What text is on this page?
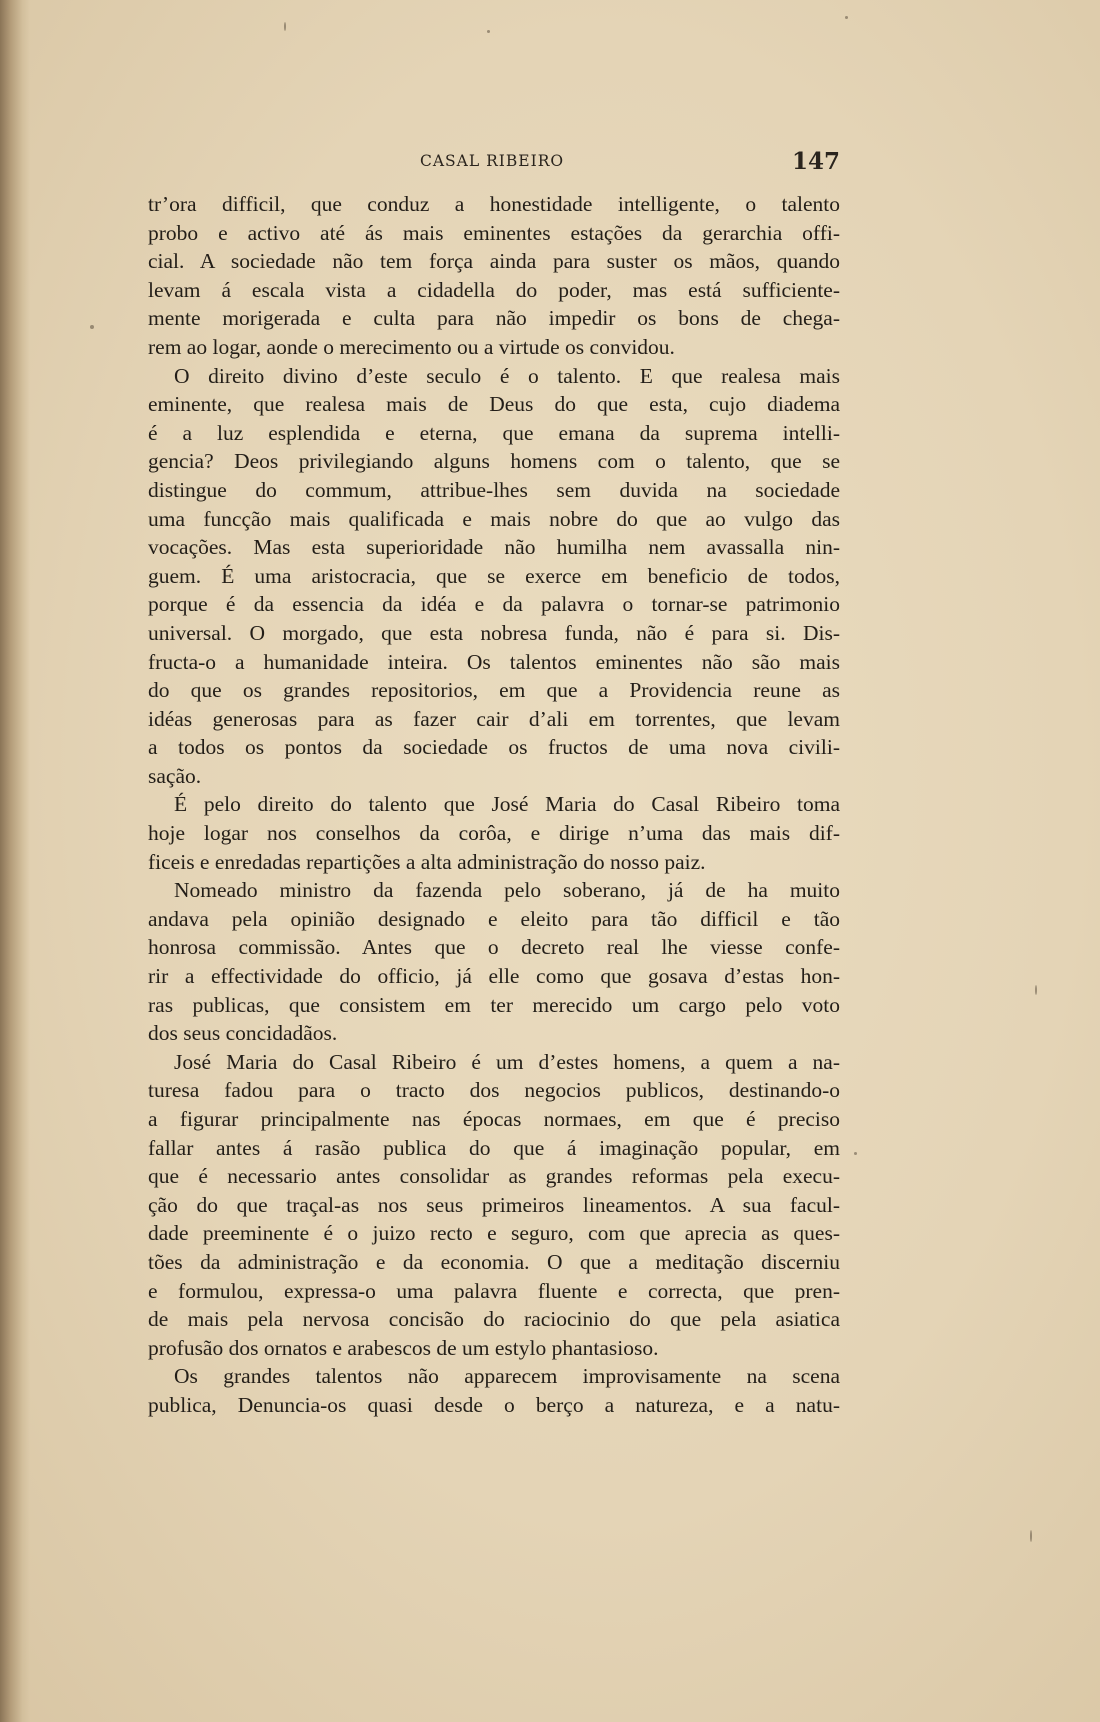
CASAL RIBEIRO	147
tr’ora difficil, que conduz a honestidade intelligente, o talento
probo e activo até ás mais eminentes estações da gerarchia offi-
cial. A sociedade não tem força ainda para suster os mãos, quando
levam á escala vista a cidadella do poder, mas está sufficiente-
mente morigerada e culta para não impedir os bons de chega-
rem ao logar, aonde o merecimento ou a virtude os convidou.
O direito divino d’este seculo é o talento. E que realesa mais
eminente, que realesa mais de Deus do que esta, cujo diadema
é a luz esplendida e eterna, que emana da suprema intelli-
gencia? Deos privilegiando alguns homens com o talento, que se
distingue do commum, attribue-lhes sem duvida na sociedade
uma funcção mais qualificada e mais nobre do que ao vulgo das
vocações. Mas esta superioridade não humilha nem avassalla nin-
guem. É uma aristocracia, que se exerce em beneficio de todos,
porque é da essencia da idéa e da palavra o tornar-se patrimonio
universal. O morgado, que esta nobresa funda, não é para si. Dis-
fructa-o a humanidade inteira. Os talentos eminentes não são mais
do que os grandes repositorios, em que a Providencia reune as
idéas generosas para as fazer cair d’ali em torrentes, que levam
a todos os pontos da sociedade os fructos de uma nova civili-
sação.
É pelo direito do talento que José Maria do Casal Ribeiro toma
hoje logar nos conselhos da corôa, e dirige n’uma das mais dif-
ficeis e enredadas repartições a alta administração do nosso paiz.
Nomeado ministro da fazenda pelo soberano, já de ha muito
andava pela opinião designado e eleito para tão difficil e tão
honrosa commissão. Antes que o decreto real lhe viesse confe-
rir a effectividade do officio, já elle como que gosava d’estas hon-
ras publicas, que consistem em ter merecido um cargo pelo voto
dos seus concidadãos.
José Maria do Casal Ribeiro é um d’estes homens, a quem a na-
turesa fadou para o tracto dos negocios publicos, destinando-o
a figurar principalmente nas épocas normaes, em que é preciso
fallar antes á rasão publica do que á imaginação popular, em
que é necessario antes consolidar as grandes reformas pela execu-
ção do que traçal-as nos seus primeiros lineamentos. A sua facul-
dade preeminente é o juizo recto e seguro, com que aprecia as ques-
tões da administração e da economia. O que a meditação discerniu
e formulou, expressa-o uma palavra fluente e correcta, que pren-
de mais pela nervosa concisão do raciocinio do que pela asiatica
profusão dos ornatos e arabescos de um estylo phantasioso.
Os grandes talentos não apparecem improvisamente na scena
publica, Denuncia-os quasi desde o berço a natureza, e a natu-
